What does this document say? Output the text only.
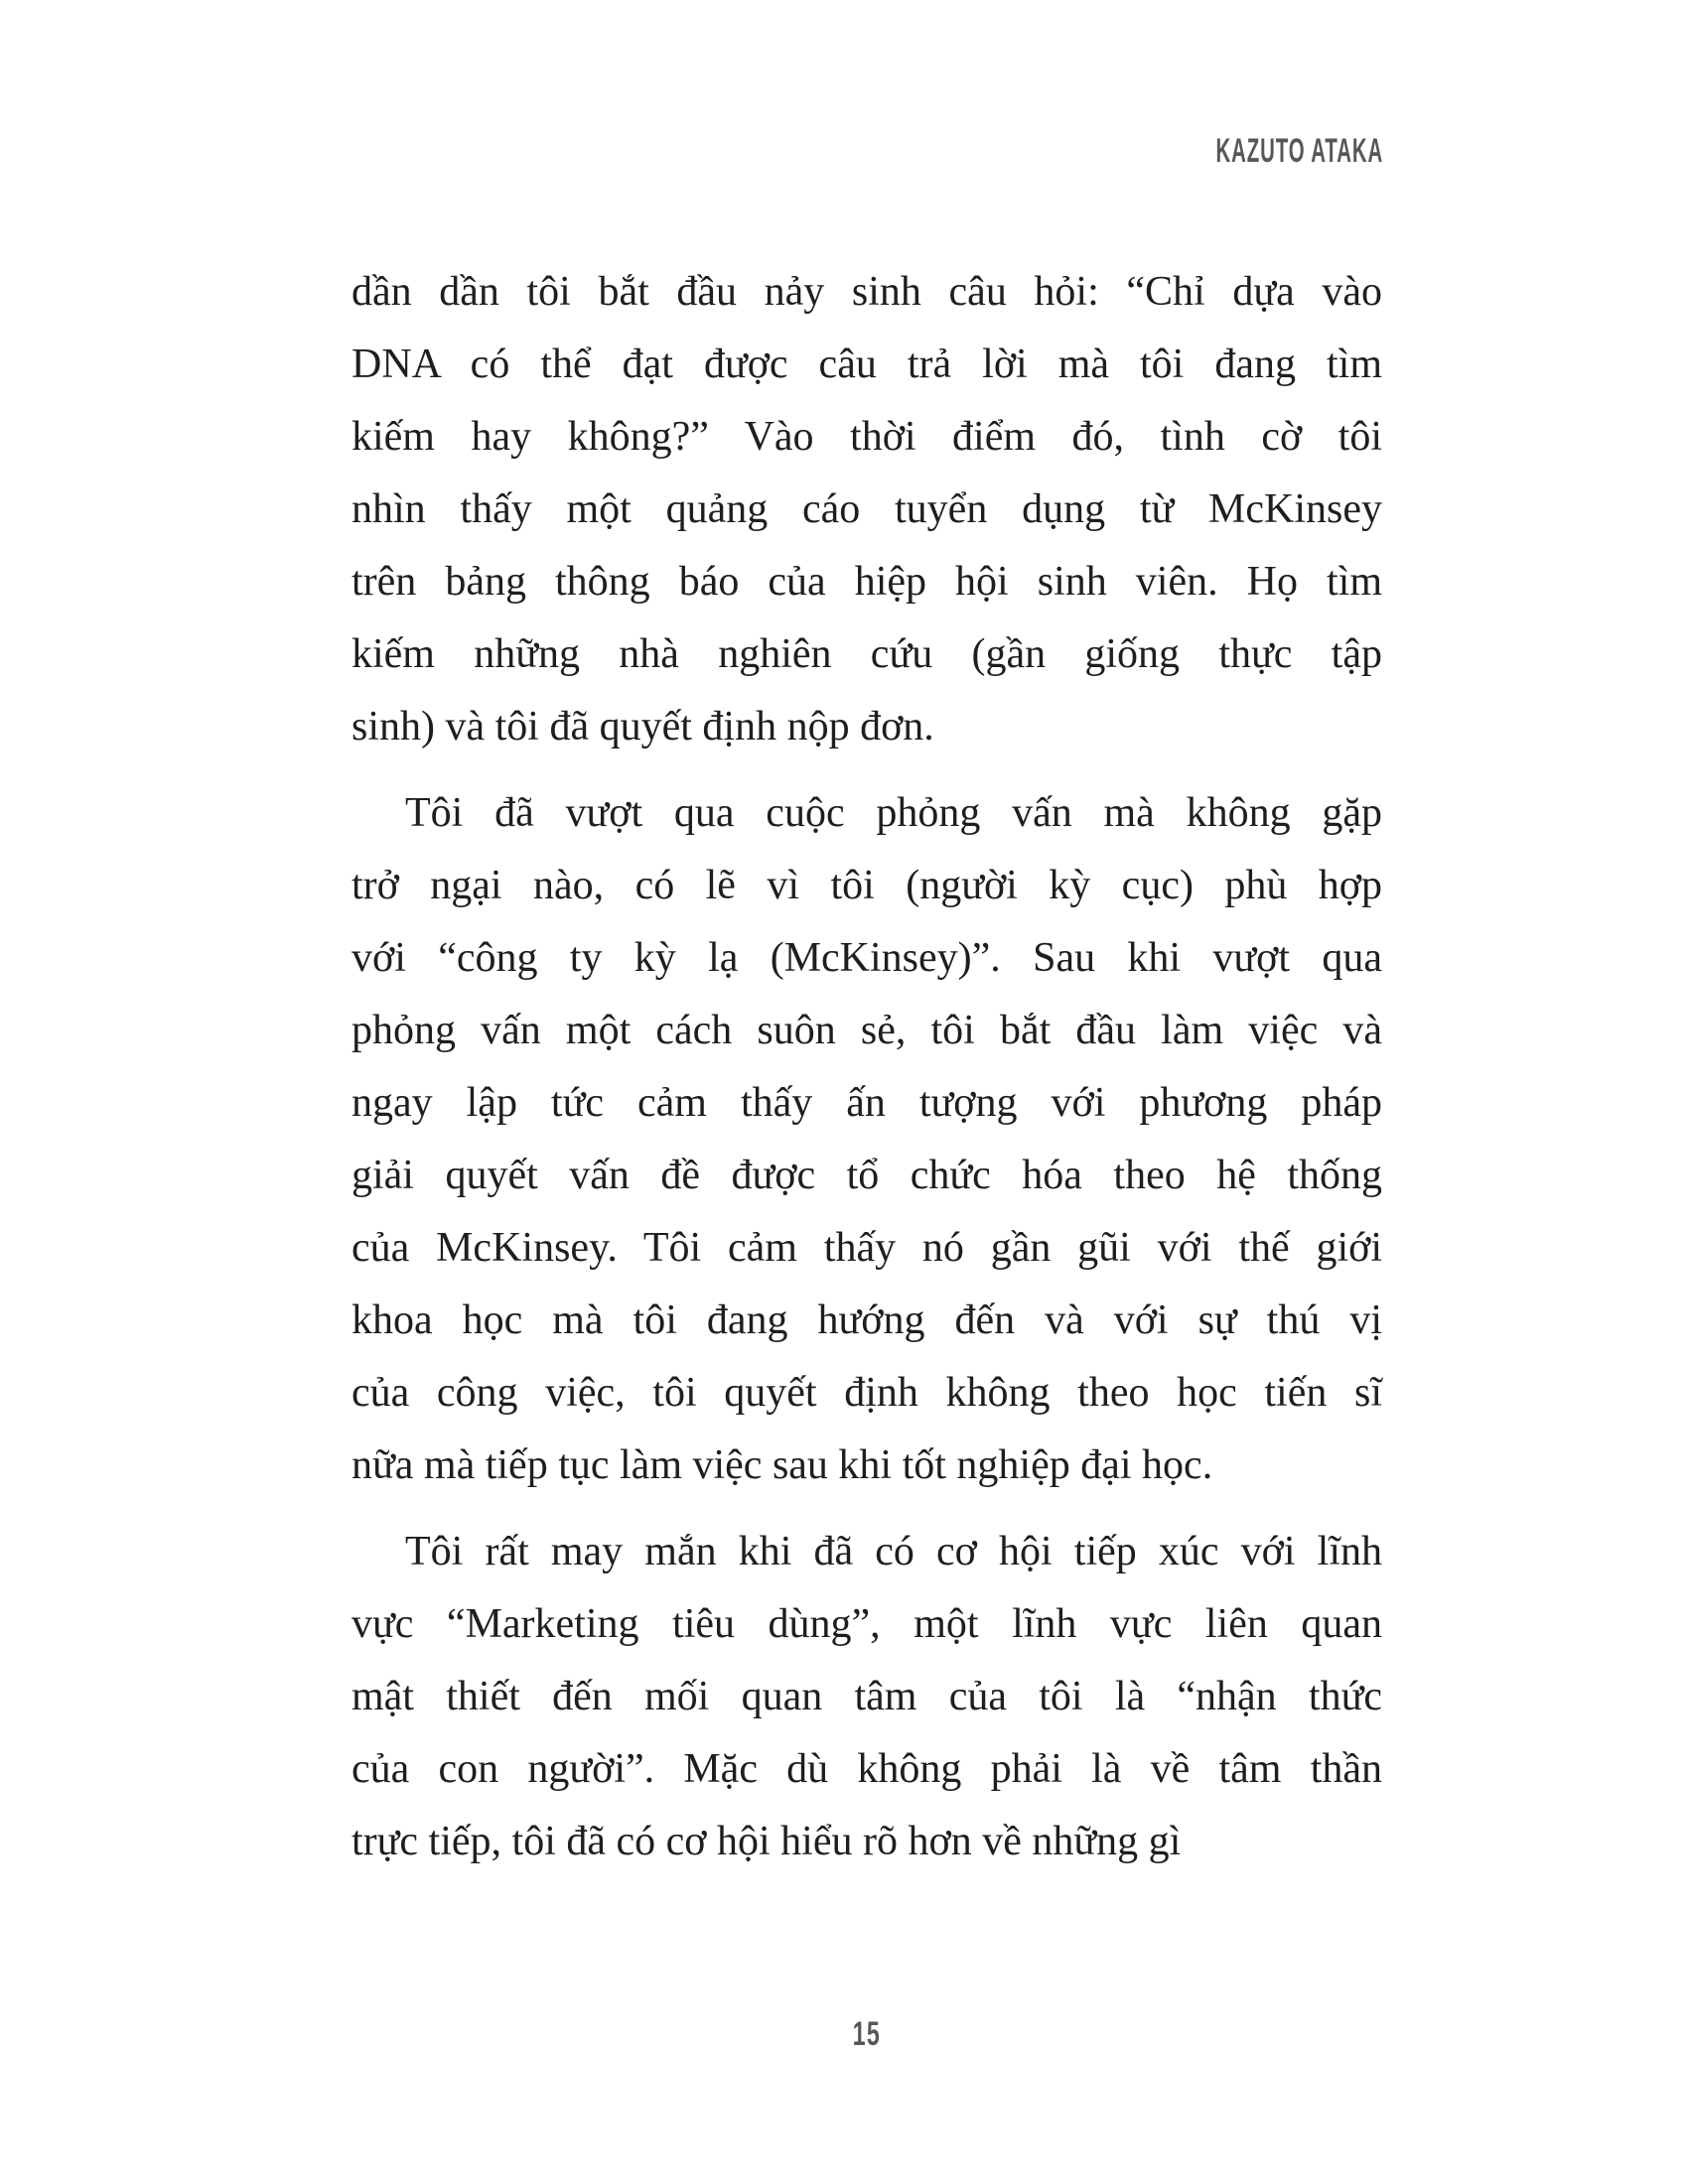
KAZUTO ATAKA
dần dần tôi bắt đầu nảy sinh câu hỏi: “Chỉ dựa vào
DNA có thể đạt được câu trả lời mà tôi đang tìm
kiếm hay không?” Vào thời điểm đó, tình cờ tôi
nhìn thấy một quảng cáo tuyển dụng từ McKinsey
trên bảng thông báo của hiệp hội sinh viên. Họ tìm
kiếm những nhà nghiên cứu (gần giống thực tập
sinh) và tôi đã quyết định nộp đơn.
Tôi đã vượt qua cuộc phỏng vấn mà không gặp
trở ngại nào, có lẽ vì tôi (người kỳ cục) phù hợp
với “công ty kỳ lạ (McKinsey)”. Sau khi vượt qua
phỏng vấn một cách suôn sẻ, tôi bắt đầu làm việc và
ngay lập tức cảm thấy ấn tượng với phương pháp
giải quyết vấn đề được tổ chức hóa theo hệ thống
của McKinsey. Tôi cảm thấy nó gần gũi với thế giới
khoa học mà tôi đang hướng đến và với sự thú vị
của công việc, tôi quyết định không theo học tiến sĩ
nữa mà tiếp tục làm việc sau khi tốt nghiệp đại học.
Tôi rất may mắn khi đã có cơ hội tiếp xúc với lĩnh
vực “Marketing tiêu dùng”, một lĩnh vực liên quan
mật thiết đến mối quan tâm của tôi là “nhận thức
của con người”. Mặc dù không phải là về tâm thần
trực tiếp, tôi đã có cơ hội hiểu rõ hơn về những gì
15
